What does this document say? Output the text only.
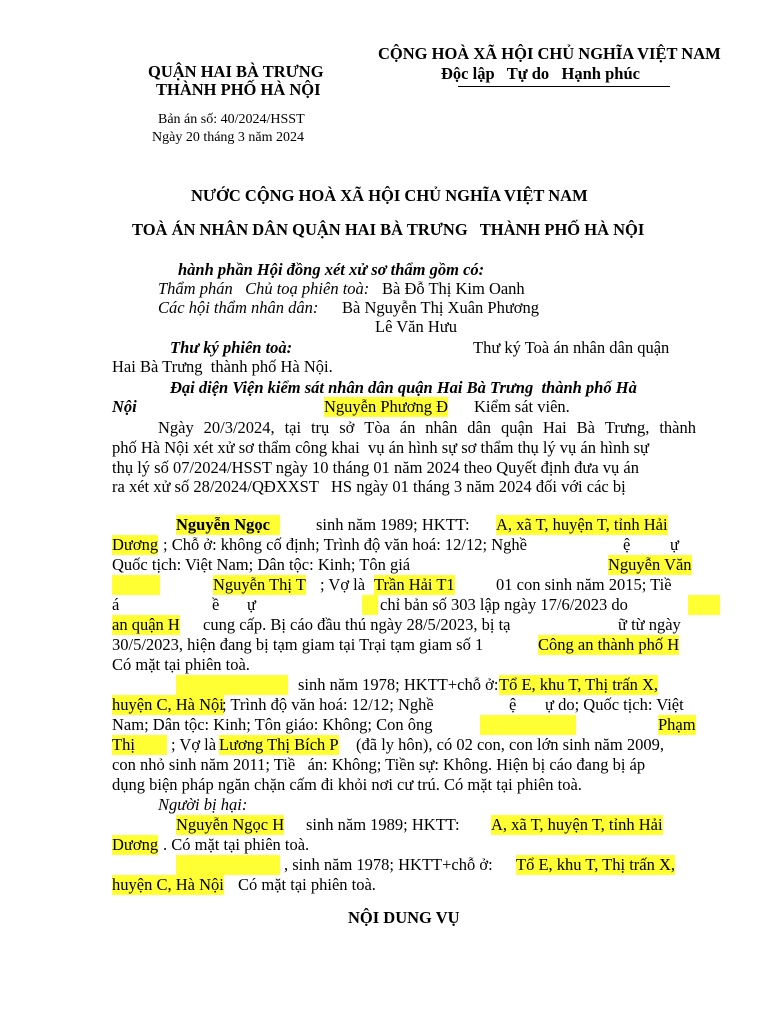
QUẬN HAI BÀ TRƯNG
THÀNH PHỐ HÀ NỘI
Bản án số: 40/2024/HSST
Ngày 20 tháng 3 năm 2024
CỘNG HOÀ XÃ HỘI CHỦ NGHĨA VIỆT NAM
Độc lập   Tự do   Hạnh phúc
NƯỚC CỘNG HOÀ XÃ HỘI CHỦ NGHĨA VIỆT NAM
TOÀ ÁN NHÂN DÂN QUẬN HAI BÀ TRƯNG   THÀNH PHỐ HÀ NỘI
hành phần Hội đồng xét xử sơ thẩm gồm có:
Thẩm phán   Chủ toạ phiên toà: Bà Đỗ Thị Kim Oanh
Các hội thẩm nhân dân: Bà Nguyễn Thị Xuân Phương
Lê Văn Hưu
Thư ký phiên toà:	Thư ký Toà án nhân dân quận
Hai Bà Trưng  thành phố Hà Nội.
Đại diện Viện kiểm sát nhân dân quận Hai Bà Trưng  thành phố Hà
Nội	Nguyễn Phương Đ Kiểm sát viên.
Ngày 20/3/2024, tại trụ sở Tòa án nhân dân quận Hai Bà Trưng, thành
phố Hà Nội xét xử sơ thẩm công khai  vụ án hình sự sơ thẩm thụ lý vụ án hình sự
thụ lý số 07/2024/HSST ngày 10 tháng 01 năm 2024 theo Quyết định đưa vụ án
ra xét xử số 28/2024/QĐXXST   HS ngày 01 tháng 3 năm 2024 đối với các bị
Nguyễn Ngọc	sinh năm 1989; HKTT: A, xã T, huyện T, tỉnh Hải
Dương ; Chỗ ở: không cố định; Trình độ văn hoá: 12/12; Nghề	ệ ự
Quốc tịch: Việt Nam; Dân tộc: Kinh; Tôn giá	Nguyễn Văn
Nguyễn Thị T ; Vợ là Trần Hải T1	01 con sinh năm 2015; Tiề
á	ề ự	chỉ bản số 303 lập ngày 17/6/2023 do
an quận H cung cấp. Bị cáo đầu thú ngày 28/5/2023, bị tạ	ữ từ ngày
30/5/2023, hiện đang bị tạm giam tại Trại tạm giam số 1	Công an thành phố H
Có mặt tại phiên toà.
sinh năm 1978; HKTT+chỗ ở: Tổ E, khu T, Thị trấn X,
huyện C, Hà Nội
; Trình độ văn hoá: 12/12; Nghề	ệ ự do; Quốc tịch: Việt
Nam; Dân tộc: Kinh; Tôn giáo: Không; Con ông	Phạm
Thị	; Vợ là Lương Thị Bích P (đã ly hôn), có 02 con, con lớn sinh năm 2009,
con nhỏ sinh năm 2011; Tiề   án: Không; Tiền sự: Không. Hiện bị cáo đang bị áp
dụng biện pháp ngăn chặn cấm đi khỏi nơi cư trú. Có mặt tại phiên toà.
Người bị hại:
Nguyễn Ngọc H sinh năm 1989; HKTT: A, xã T, huyện T, tỉnh Hải
Dương . Có mặt tại phiên toà.
, sinh năm 1978; HKTT+chỗ ở: Tổ E, khu T, Thị trấn X,
huyện C, Hà Nội Có mặt tại phiên toà.
NỘI DUNG VỤ
